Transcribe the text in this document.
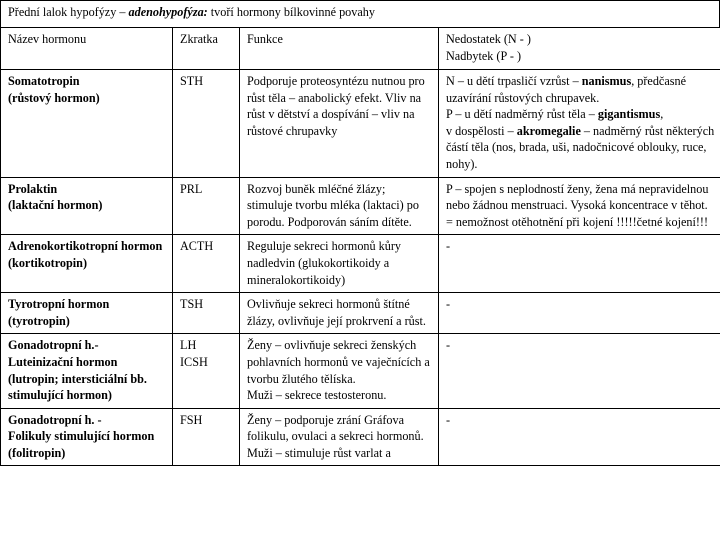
Přední lalok hypofýzy – adenohypofýza: tvoří hormony bílkovinné povahy
Název hormonu	Zkratka	Funkce	Nedostatek (N - )
Nadbytek (P - )
Somatotropin
(růstový hormon)	STH	Podporuje proteosyntézu nutnou pro růst těla – anabolický efekt. Vliv na růst v dětství a dospívání – vliv na růstové chrupavky	N – u dětí trpasličí vzrůst – nanismus, předčasné uzavírání růstových chrupavek.
P – u dětí nadměrný růst těla – gigantismus,
v dospělosti – akromegalie – nadměrný růst některých částí těla (nos, brada, uši, nadočnicové oblouky, ruce, nohy).
Prolaktin
(laktační hormon)	PRL	Rozvoj buněk mléčné žlázy; stimuluje tvorbu mléka (laktaci) po porodu. Podporován sáním dítěte.	P – spojen s neplodností ženy, žena má nepravidelnou nebo žádnou menstruaci. Vysoká koncentrace v těhot. = nemožnost otěhotnění při kojení !!!!!četné kojení!!!
Adrenokortikotropní hormon
(kortikotropin)	ACTH	Reguluje sekreci hormonů kůry nadledvin (glukokortikoidy a mineralokortikoidy)	-
Tyrotropní hormon
(tyrotropin)	TSH	Ovlivňuje sekreci hormonů štítné žlázy, ovlivňuje její prokrvení a růst.	-
Gonadotropní h.-
Luteinizační hormon
(lutropin; intersticiální bb. stimulující hormon)	LH
ICSH	Ženy – ovlivňuje sekreci ženských pohlavních hormonů ve vaječnících a tvorbu žlutého tělíska.
Muži – sekrece testosteronu.	-
Gonadotropní h. -
Folikuly stimulující hormon
(folitropin)	FSH	Ženy – podporuje zrání Gráfova folikulu, ovulaci a sekreci hormonů.
Muži – stimuluje růst varlat a	-
